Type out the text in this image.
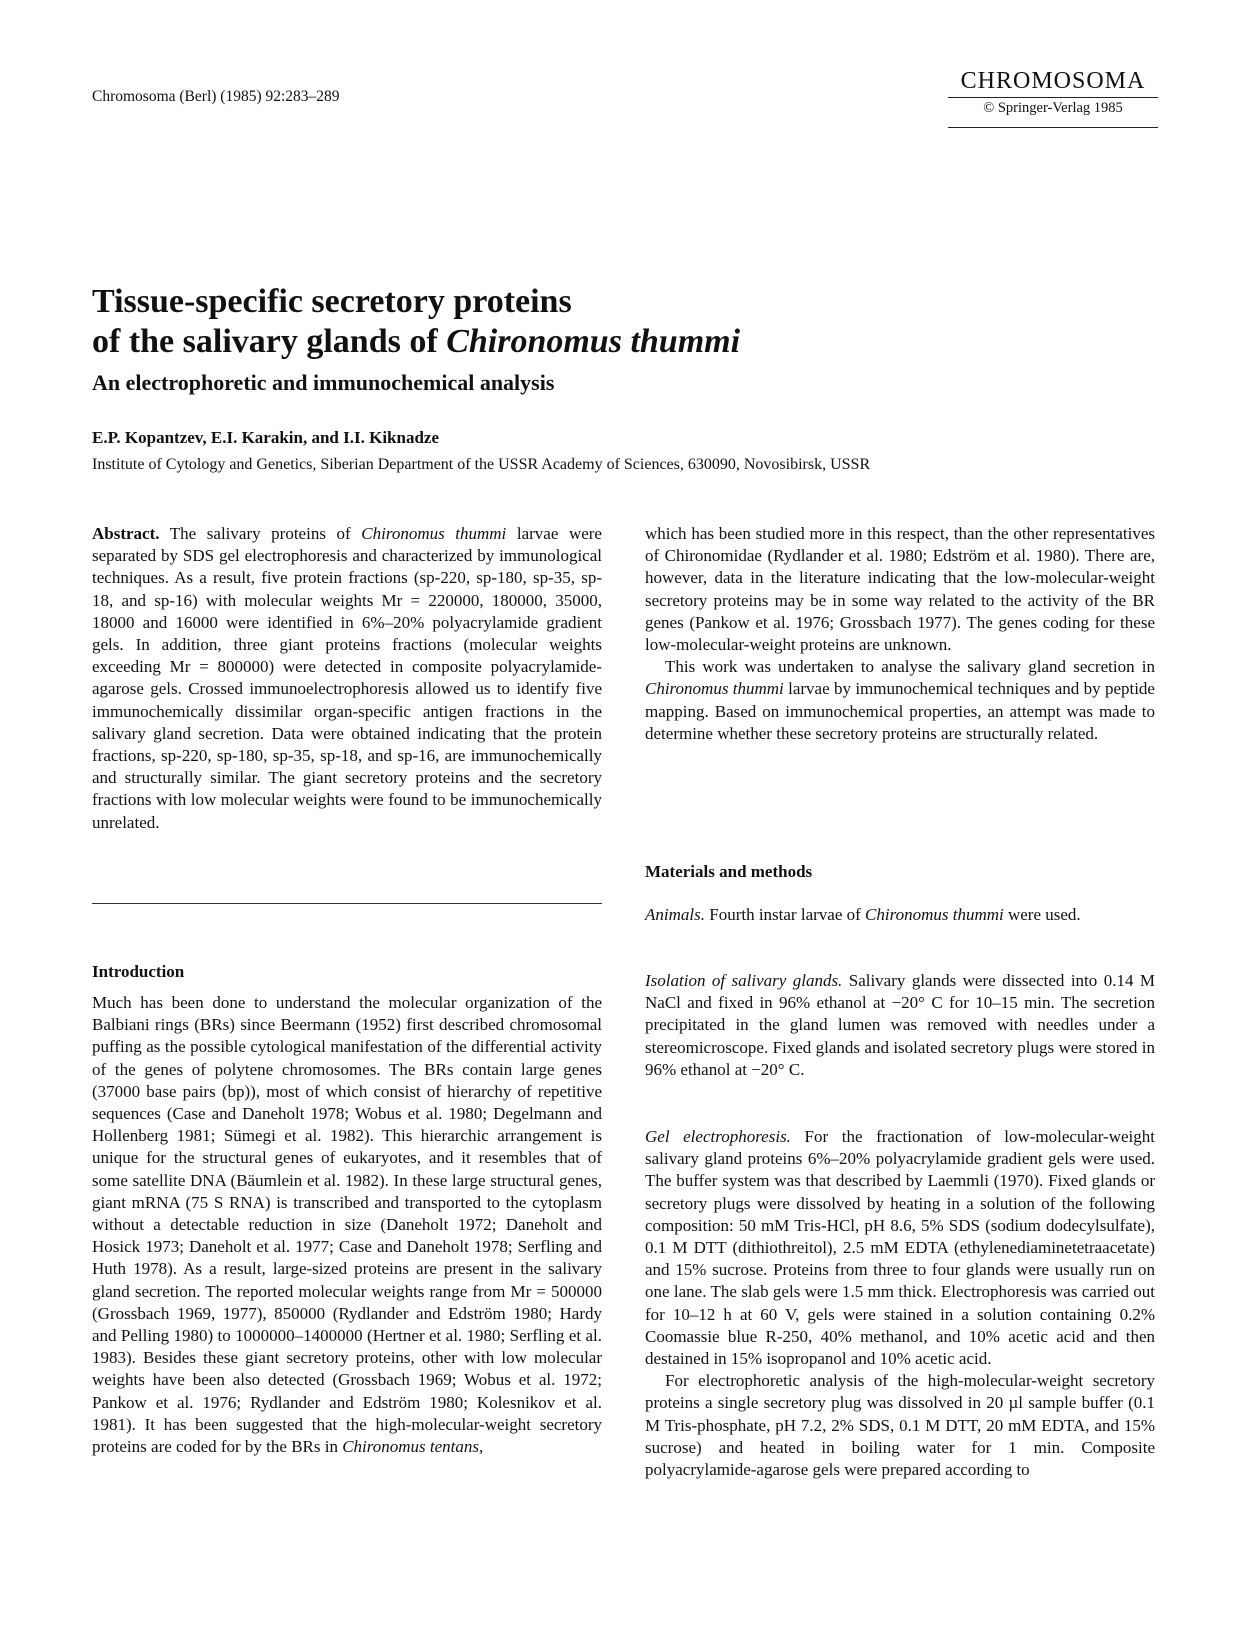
Chromosoma (Berl) (1985) 92:283–289
CHROMOSOMA
© Springer-Verlag 1985
Tissue-specific secretory proteins
of the salivary glands of Chironomus thummi
An electrophoretic and immunochemical analysis
E.P. Kopantzev, E.I. Karakin, and I.I. Kiknadze
Institute of Cytology and Genetics, Siberian Department of the USSR Academy of Sciences, 630090, Novosibirsk, USSR

Abstract. The salivary proteins of Chironomus thummi larvae were separated by SDS gel electrophoresis and characterized by immunological techniques. As a result, five protein fractions (sp-220, sp-180, sp-35, sp-18, and sp-16) with molecular weights Mr = 220000, 180000, 35000, 18000 and 16000 were identified in 6%–20% polyacrylamide gradient gels. In addition, three giant proteins fractions (molecular weights exceeding Mr = 800000) were detected in composite polyacrylamide-agarose gels. Crossed immunoelectrophoresis allowed us to identify five immunochemically dissimilar organ-specific antigen fractions in the salivary gland secretion. Data were obtained indicating that the protein fractions, sp-220, sp-180, sp-35, sp-18, and sp-16, are immunochemically and structurally similar. The giant secretory proteins and the secretory fractions with low molecular weights were found to be immunochemically unrelated.

Introduction

Much has been done to understand the molecular organization of the Balbiani rings (BRs) since Beermann (1952) first described chromosomal puffing as the possible cytological manifestation of the differential activity of the genes of polytene chromosomes. The BRs contain large genes (37000 base pairs (bp)), most of which consist of hierarchy of repetitive sequences (Case and Daneholt 1978; Wobus et al. 1980; Degelmann and Hollenberg 1981; Sümegi et al. 1982). This hierarchic arrangement is unique for the structural genes of eukaryotes, and it resembles that of some satellite DNA (Bäumlein et al. 1982). In these large structural genes, giant mRNA (75 S RNA) is transcribed and transported to the cytoplasm without a detectable reduction in size (Daneholt 1972; Daneholt and Hosick 1973; Daneholt et al. 1977; Case and Daneholt 1978; Serfling and Huth 1978). As a result, large-sized proteins are present in the salivary gland secretion. The reported molecular weights range from Mr = 500000 (Grossbach 1969, 1977), 850000 (Rydlander and Edström 1980; Hardy and Pelling 1980) to 1000000–1400000 (Hertner et al. 1980; Serfling et al. 1983). Besides these giant secretory proteins, other with low molecular weights have been also detected (Grossbach 1969; Wobus et al. 1972; Pankow et al. 1976; Rydlander and Edström 1980; Kolesnikov et al. 1981). It has been suggested that the high-molecular-weight secretory proteins are coded for by the BRs in Chironomus tentans,

which has been studied more in this respect, than the other representatives of Chironomidae (Rydlander et al. 1980; Edström et al. 1980). There are, however, data in the literature indicating that the low-molecular-weight secretory proteins may be in some way related to the activity of the BR genes (Pankow et al. 1976; Grossbach 1977). The genes coding for these low-molecular-weight proteins are unknown.

This work was undertaken to analyse the salivary gland secretion in Chironomus thummi larvae by immunochemical techniques and by peptide mapping. Based on immunochemical properties, an attempt was made to determine whether these secretory proteins are structurally related.

Materials and methods

Animals. Fourth instar larvae of Chironomus thummi were used.

Isolation of salivary glands. Salivary glands were dissected into 0.14 M NaCl and fixed in 96% ethanol at −20° C for 10–15 min. The secretion precipitated in the gland lumen was removed with needles under a stereomicroscope. Fixed glands and isolated secretory plugs were stored in 96% ethanol at −20° C.

Gel electrophoresis. For the fractionation of low-molecular-weight salivary gland proteins 6%–20% polyacrylamide gradient gels were used. The buffer system was that described by Laemmli (1970). Fixed glands or secretory plugs were dissolved by heating in a solution of the following composition: 50 mM Tris-HCl, pH 8.6, 5% SDS (sodium dodecylsulfate), 0.1 M DTT (dithiothreitol), 2.5 mM EDTA (ethylenediaminetetraacetate) and 15% sucrose. Proteins from three to four glands were usually run on one lane. The slab gels were 1.5 mm thick. Electrophoresis was carried out for 10–12 h at 60 V, gels were stained in a solution containing 0.2% Coomassie blue R-250, 40% methanol, and 10% acetic acid and then destained in 15% isopropanol and 10% acetic acid.

For electrophoretic analysis of the high-molecular-weight secretory proteins a single secretory plug was dissolved in 20 µl sample buffer (0.1 M Tris-phosphate, pH 7.2, 2% SDS, 0.1 M DTT, 20 mM EDTA, and 15% sucrose) and heated in boiling water for 1 min. Composite polyacrylamide-agarose gels were prepared according to
